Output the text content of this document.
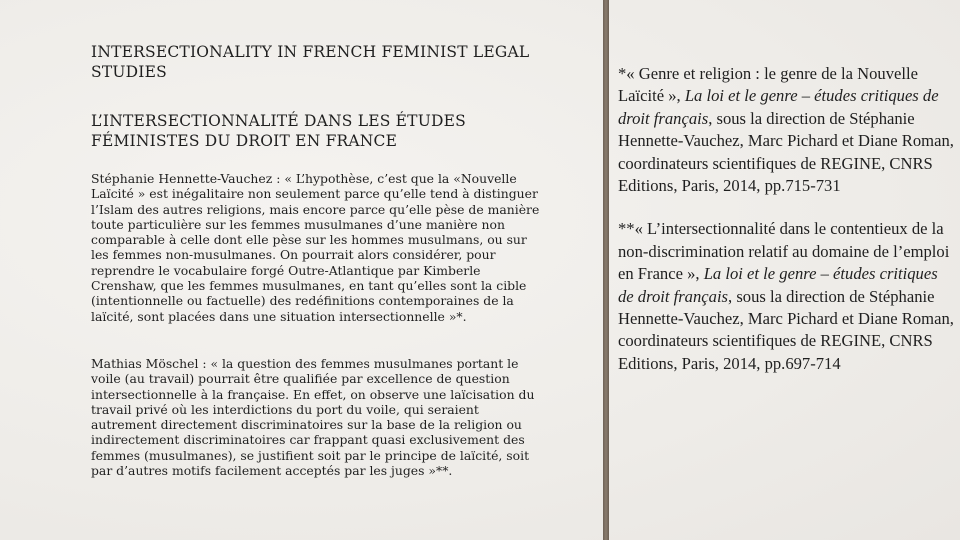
INTERSECTIONALITY IN FRENCH FEMINIST LEGAL STUDIES
L’INTERSECTIONNALITÉ DANS LES ÉTUDES FÉMINISTES DU DROIT EN FRANCE

Stéphanie Hennette-Vauchez : « L’hypothèse, c’est que la «Nouvelle Laïcité » est inégalitaire non seulement parce qu’elle tend à distinguer l’Islam des autres religions, mais encore parce qu’elle pèse de manière toute particulière sur les femmes musulmanes d’une manière non comparable à celle dont elle pèse sur les hommes musulmans, ou sur les femmes non-musulmanes. On pourrait alors considérer, pour reprendre le vocabulaire forgé Outre-Atlantique par Kimberle Crenshaw, que les femmes musulmanes, en tant qu’elles sont la cible (intentionnelle ou factuelle) des redéfinitions contemporaines de la laïcité, sont placées dans une situation intersectionnelle »*.

Mathias Möschel : « la question des femmes musulmanes portant le voile (au travail) pourrait être qualifiée par excellence de question intersectionnelle à la française. En effet, on observe une laïcisation du travail privé où les interdictions du port du voile, qui seraient autrement directement discriminatoires sur la base de la religion ou indirectement discriminatoires car frappant quasi exclusivement des femmes (musulmanes), se justifient soit par le principe de laïcité, soit par d’autres motifs facilement acceptés par les juges »**.

*« Genre et religion : le genre de la Nouvelle Laïcité », La loi et le genre – études critiques de droit français, sous la direction de Stéphanie Hennette-Vauchez, Marc Pichard et Diane Roman, coordinateurs scientifiques de REGINE, CNRS Editions, Paris, 2014, pp.715-731

**« L’intersectionnalité dans le contentieux de la non-discrimination relatif au domaine de l’emploi en France », La loi et le genre – études critiques de droit français, sous la direction de Stéphanie Hennette-Vauchez, Marc Pichard et Diane Roman, coordinateurs scientifiques de REGINE, CNRS Editions, Paris, 2014, pp.697-714
